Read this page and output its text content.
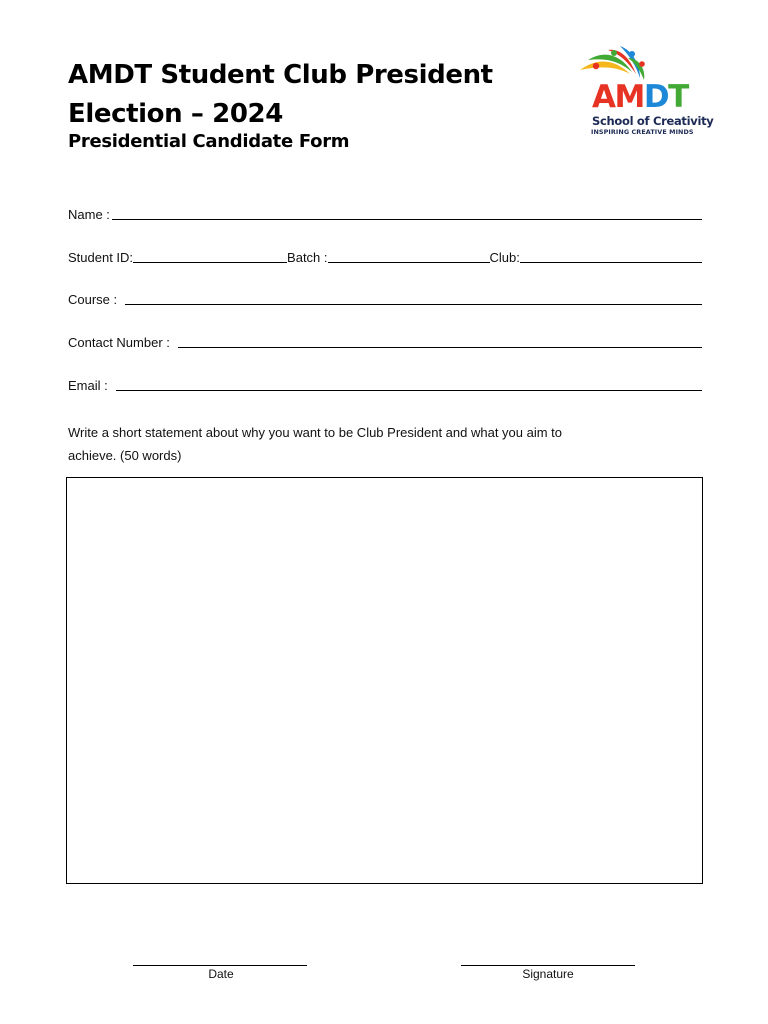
AMDT Student Club President Election – 2024
Presidential Candidate Form
AMDT
School of Creativity
INSPIRING CREATIVE MINDS
Name :
Student ID:	Batch :	Club:
Course :
Contact Number :
Email :
Write a short statement about why you want to be Club President and what you aim to achieve. (50 words)
Date	Signature
